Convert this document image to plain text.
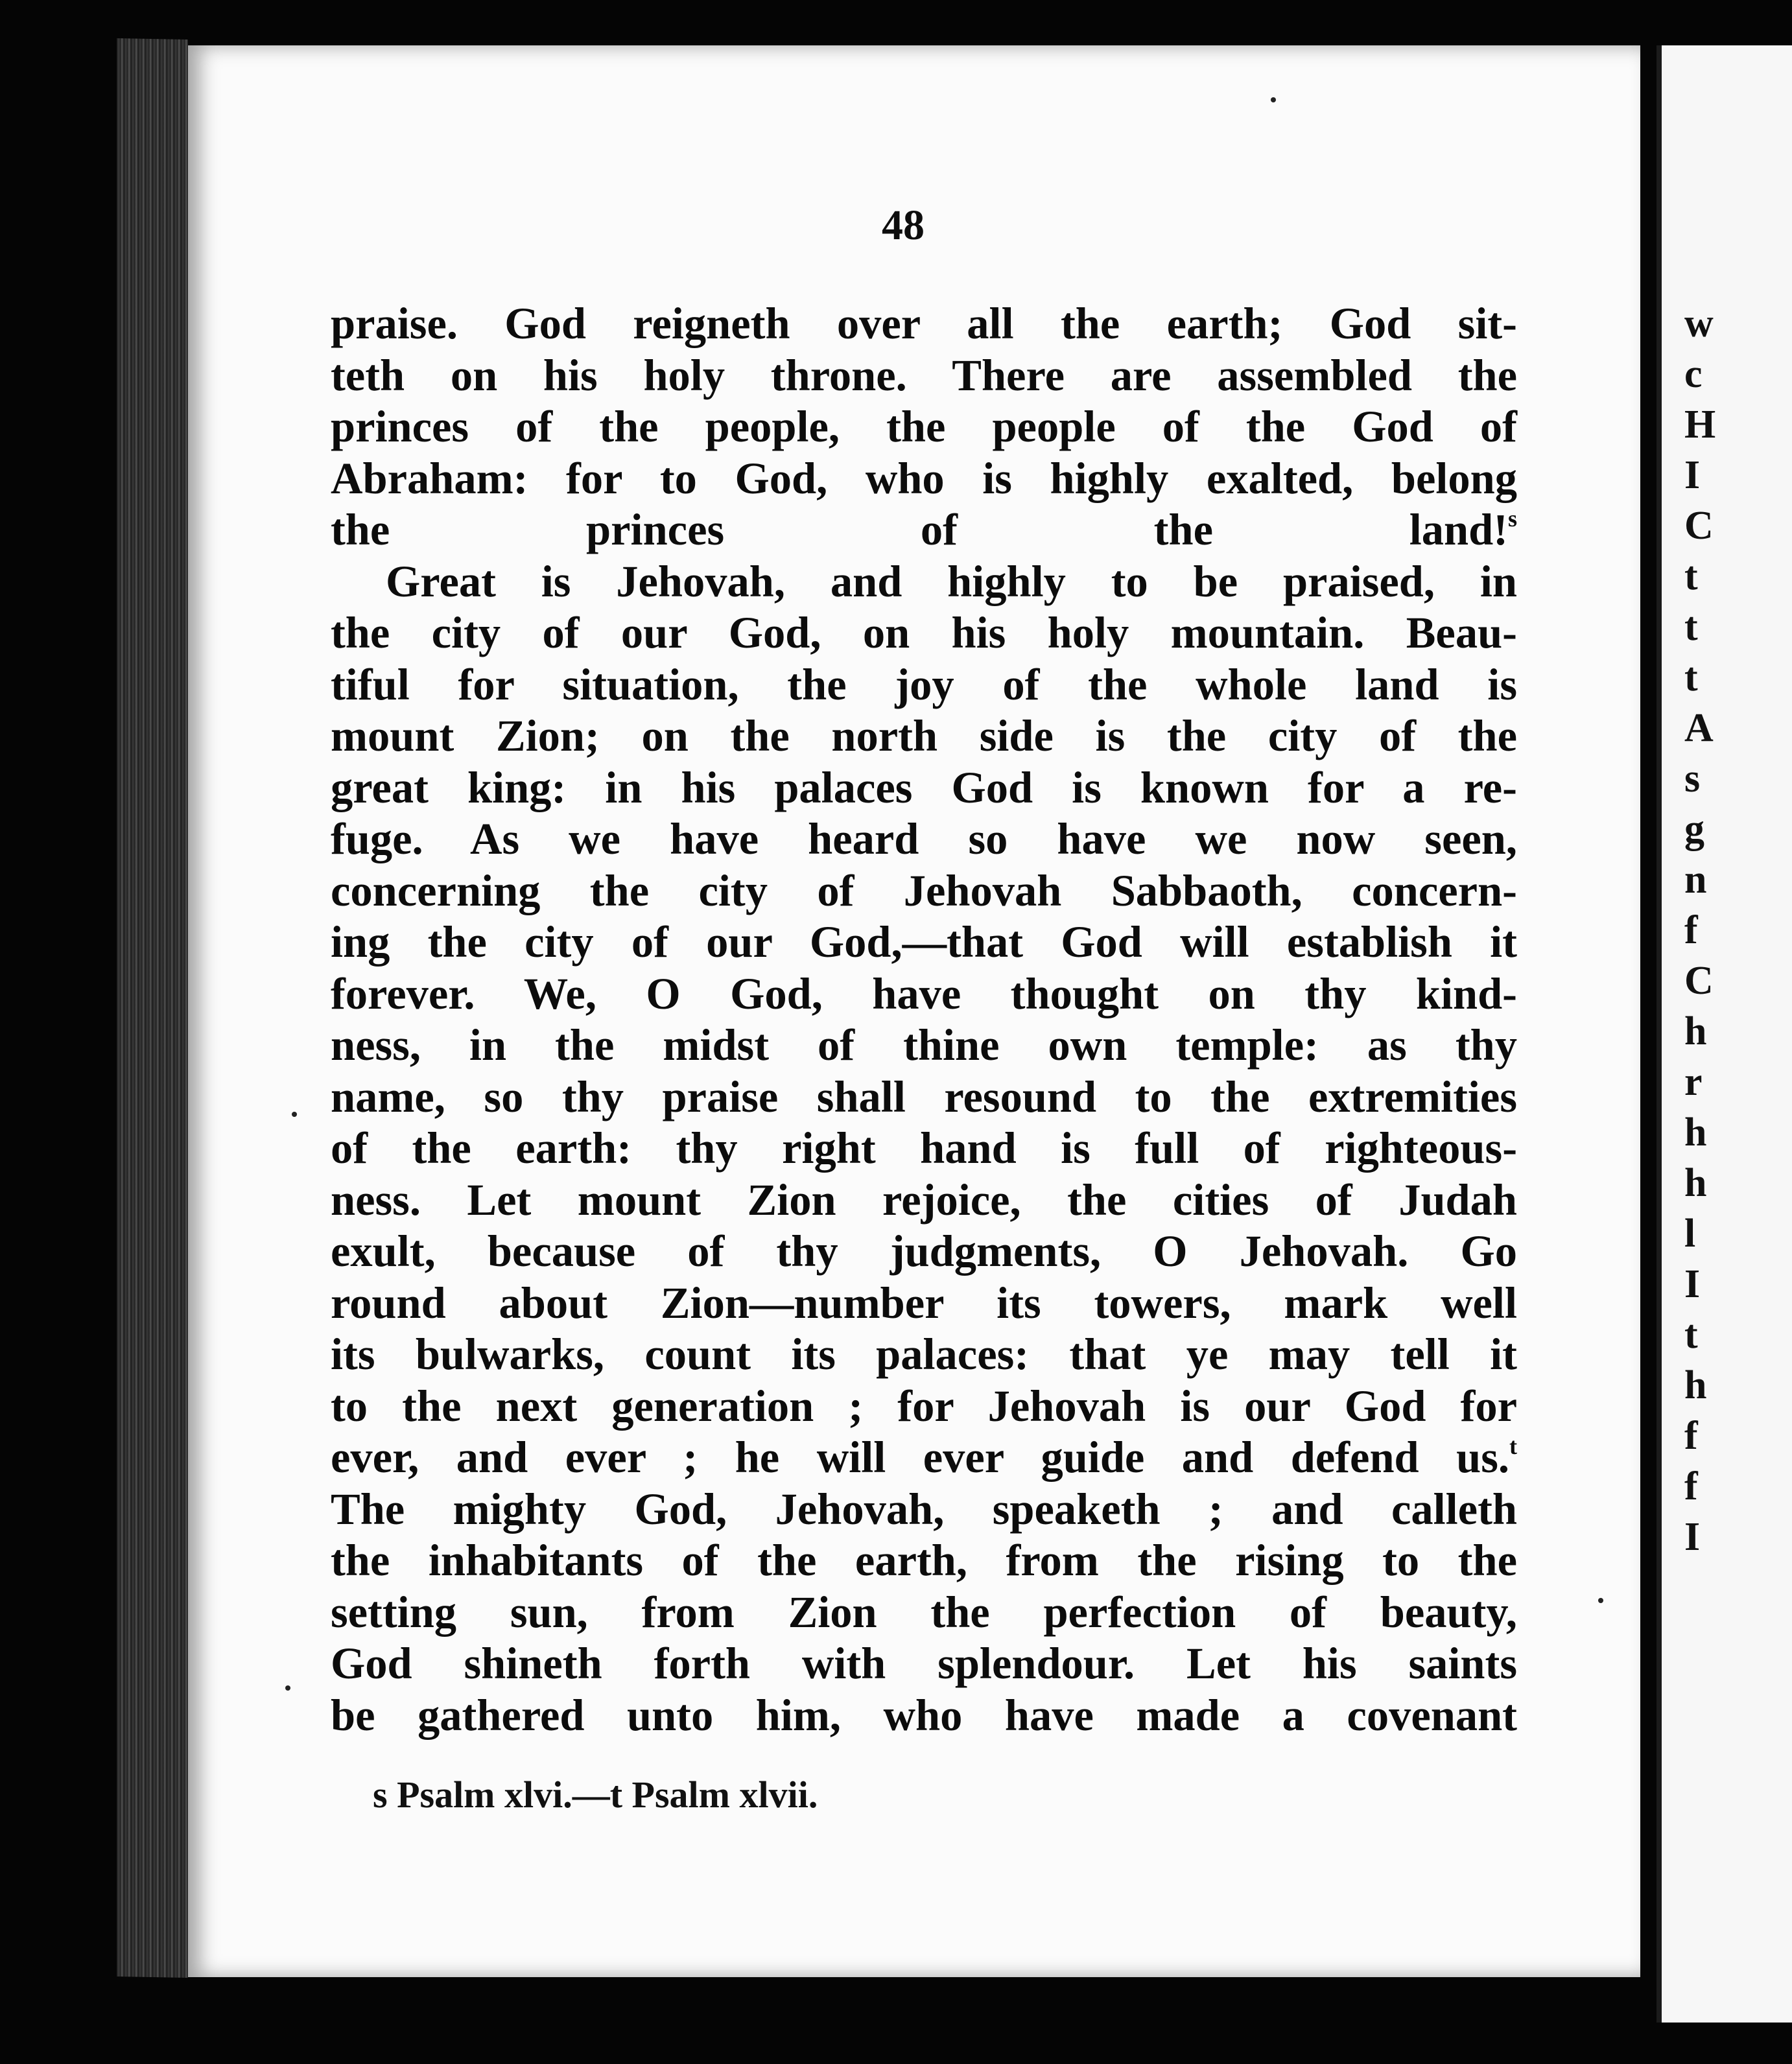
w
c
H
I
C
t
t
t
A
s
g
n
f
C
h
r
h
h
l
I
t
h
f
f
I
48
praise. God reigneth over all the earth; God sit-
teth on his holy throne. There are assembled the
princes of the people, the people of the God of
Abraham: for to God, who is highly exalted, belong
the princes of the land!$^s$
Great is Jehovah, and highly to be praised, in
the city of our God, on his holy mountain. Beau-
tiful for situation, the joy of the whole land is
mount Zion; on the north side is the city of the
great king: in his palaces God is known for a re-
fuge. As we have heard so have we now seen,
concerning the city of Jehovah Sabbaoth, concern-
ing the city of our God,—that God will establish it
forever. We, O God, have thought on thy kind-
ness, in the midst of thine own temple: as thy
name, so thy praise shall resound to the extremities
of the earth: thy right hand is full of righteous-
ness. Let mount Zion rejoice, the cities of Judah
exult, because of thy judgments, O Jehovah. Go
round about Zion—number its towers, mark well
its bulwarks, count its palaces: that ye may tell it
to the next generation ; for Jehovah is our God for
ever, and ever ; he will ever guide and defend us.$^t$
The mighty God, Jehovah, speaketh ; and calleth
the inhabitants of the earth, from the rising to the
setting sun, from Zion the perfection of beauty,
God shineth forth with splendour. Let his saints
be gathered unto him, who have made a covenant
s Psalm xlvi.—t Psalm xlvii.
